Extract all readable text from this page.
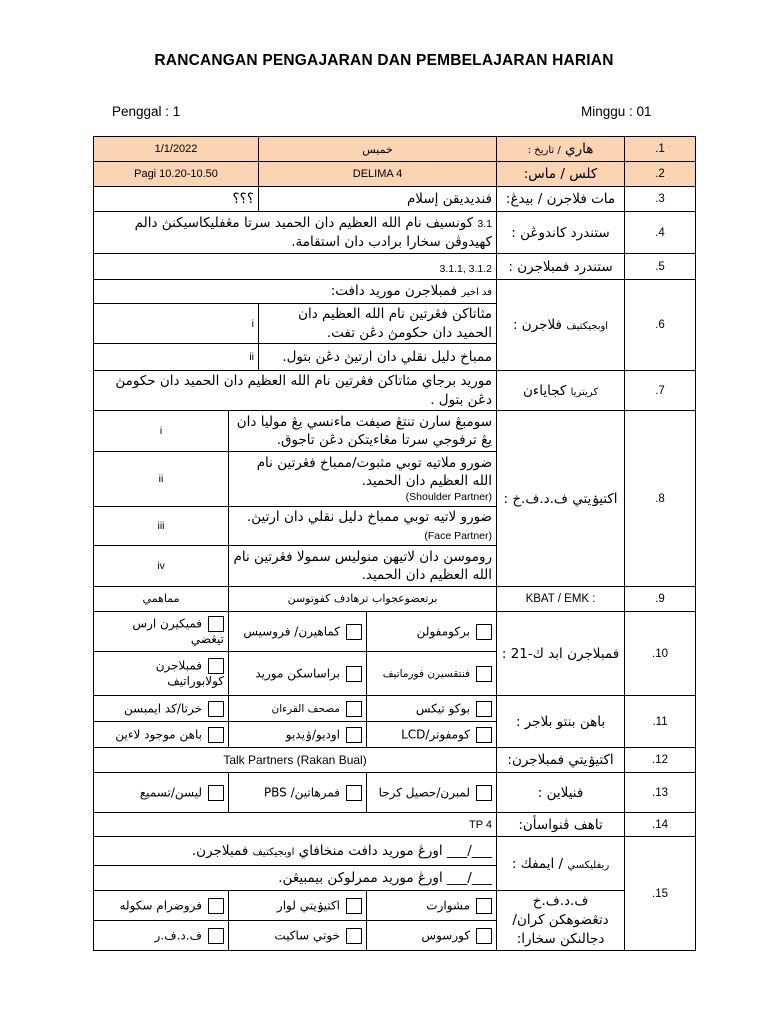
RANCANGAN PENGAJARAN DAN PEMBELAJARAN HARIAN
Penggal : 1	Minggu : 01
1/1/2022		خميس		هاري / تاريخ :	.1
Pagi 10.20-10.50		DELIMA 4		كلس / ماس:	.2
؟؟؟		فنديديقن إسلام		مات فلاجرن / بيدڠ:	.3
3.1 كونسيف نام الله العظيم دان الحميد سرتا مڠفليكاسيكنڽ دالم كهيدوڤن سخارا برادب دان استقامة.				ستندرد كاندوڠن :	.4
3.1.1, 3.1.2				ستندرد فمبلاجرن :	.5
فد اخير فمبلاجرن موريد دافت:				اوبجيكتيف فلاجرن :	.6
i		مثاتاكن فڠرتين نام الله العظيم دان الحميد دان حكومڽ دڠن تفت.			
ii		ممباخ دليل نقلي دان ارتيڽ دڠن بتول.			
موريد برجاي مثاتاكن فڠرتين نام الله العظيم دان الحميد دان حكومڽ دڠن بتول .				كريتريا كجاياءن	.7
i	سومبڠ سارن تنتڠ صيفت ماءنسي يڠ موليا دان يڠ ترفوجي سرتا مڠاءيتكن دڠن تاجوق.			اكتيۏيتي ف.د.ف.خ :	.8
ii	ضورو ملاتيه توبي مثبوت/ممباخ فڠرتين نام الله العظيم دان الحميد.
(Shoulder Partner)				

iii	ضورو لاتيه توبي ممباخ دليل نقلي دان ارتيڽ.(Face Partner)				
iv	روموسن دان لاتيهن منوليس سمولا فڠرتين نام الله العظيم دان الحميد.				
مماهمي	برتعضوعجواب ترهادف كفوتوسن			KBAT / EMK :	.9
فميكيرن ارس تيڠضي	كماهيرن/ فروسيس		بركومفولن	فمبلاجرن ابد ك-21 :	.10
فمبلاجرن كولابوراتيف	براساسكن موريد		فنتقسيرن فورماتيف		
خرتا/كد ايمبسن	مصحف القرءان		بوكو تيكس	باهن بنتو بلاجر :	.11
باهن موجود لاءين	اوديو/ۏيديو		كومفوتر/LCD		
Talk Partners (Rakan Bual)				اكتيۏيتي فمبلاجرن:	.12
ليسن/تسميع	فمرهاتين/ PBS		لمبرن/حصيل كرجا	فنيلاين :	.13
TP 4				تاهف ڤنواسأن:	.14
___/___ اورڠ موريد دافت منخافاي اوبجيكتيف فمبلاجرن.				ريفليكسي / ايمفك :	.15
___/___ اورڠ موريد ممرلوكن بيمبيڠن.					
فروضرام سكوله	اكتيۏيتي لوار		مشوارت	ف.د.ف.خ دتڠضوهكن كران/دجالنكن سخارا:	
ف.د.ف.ر	خوتي ساكيت		كورسوس		
